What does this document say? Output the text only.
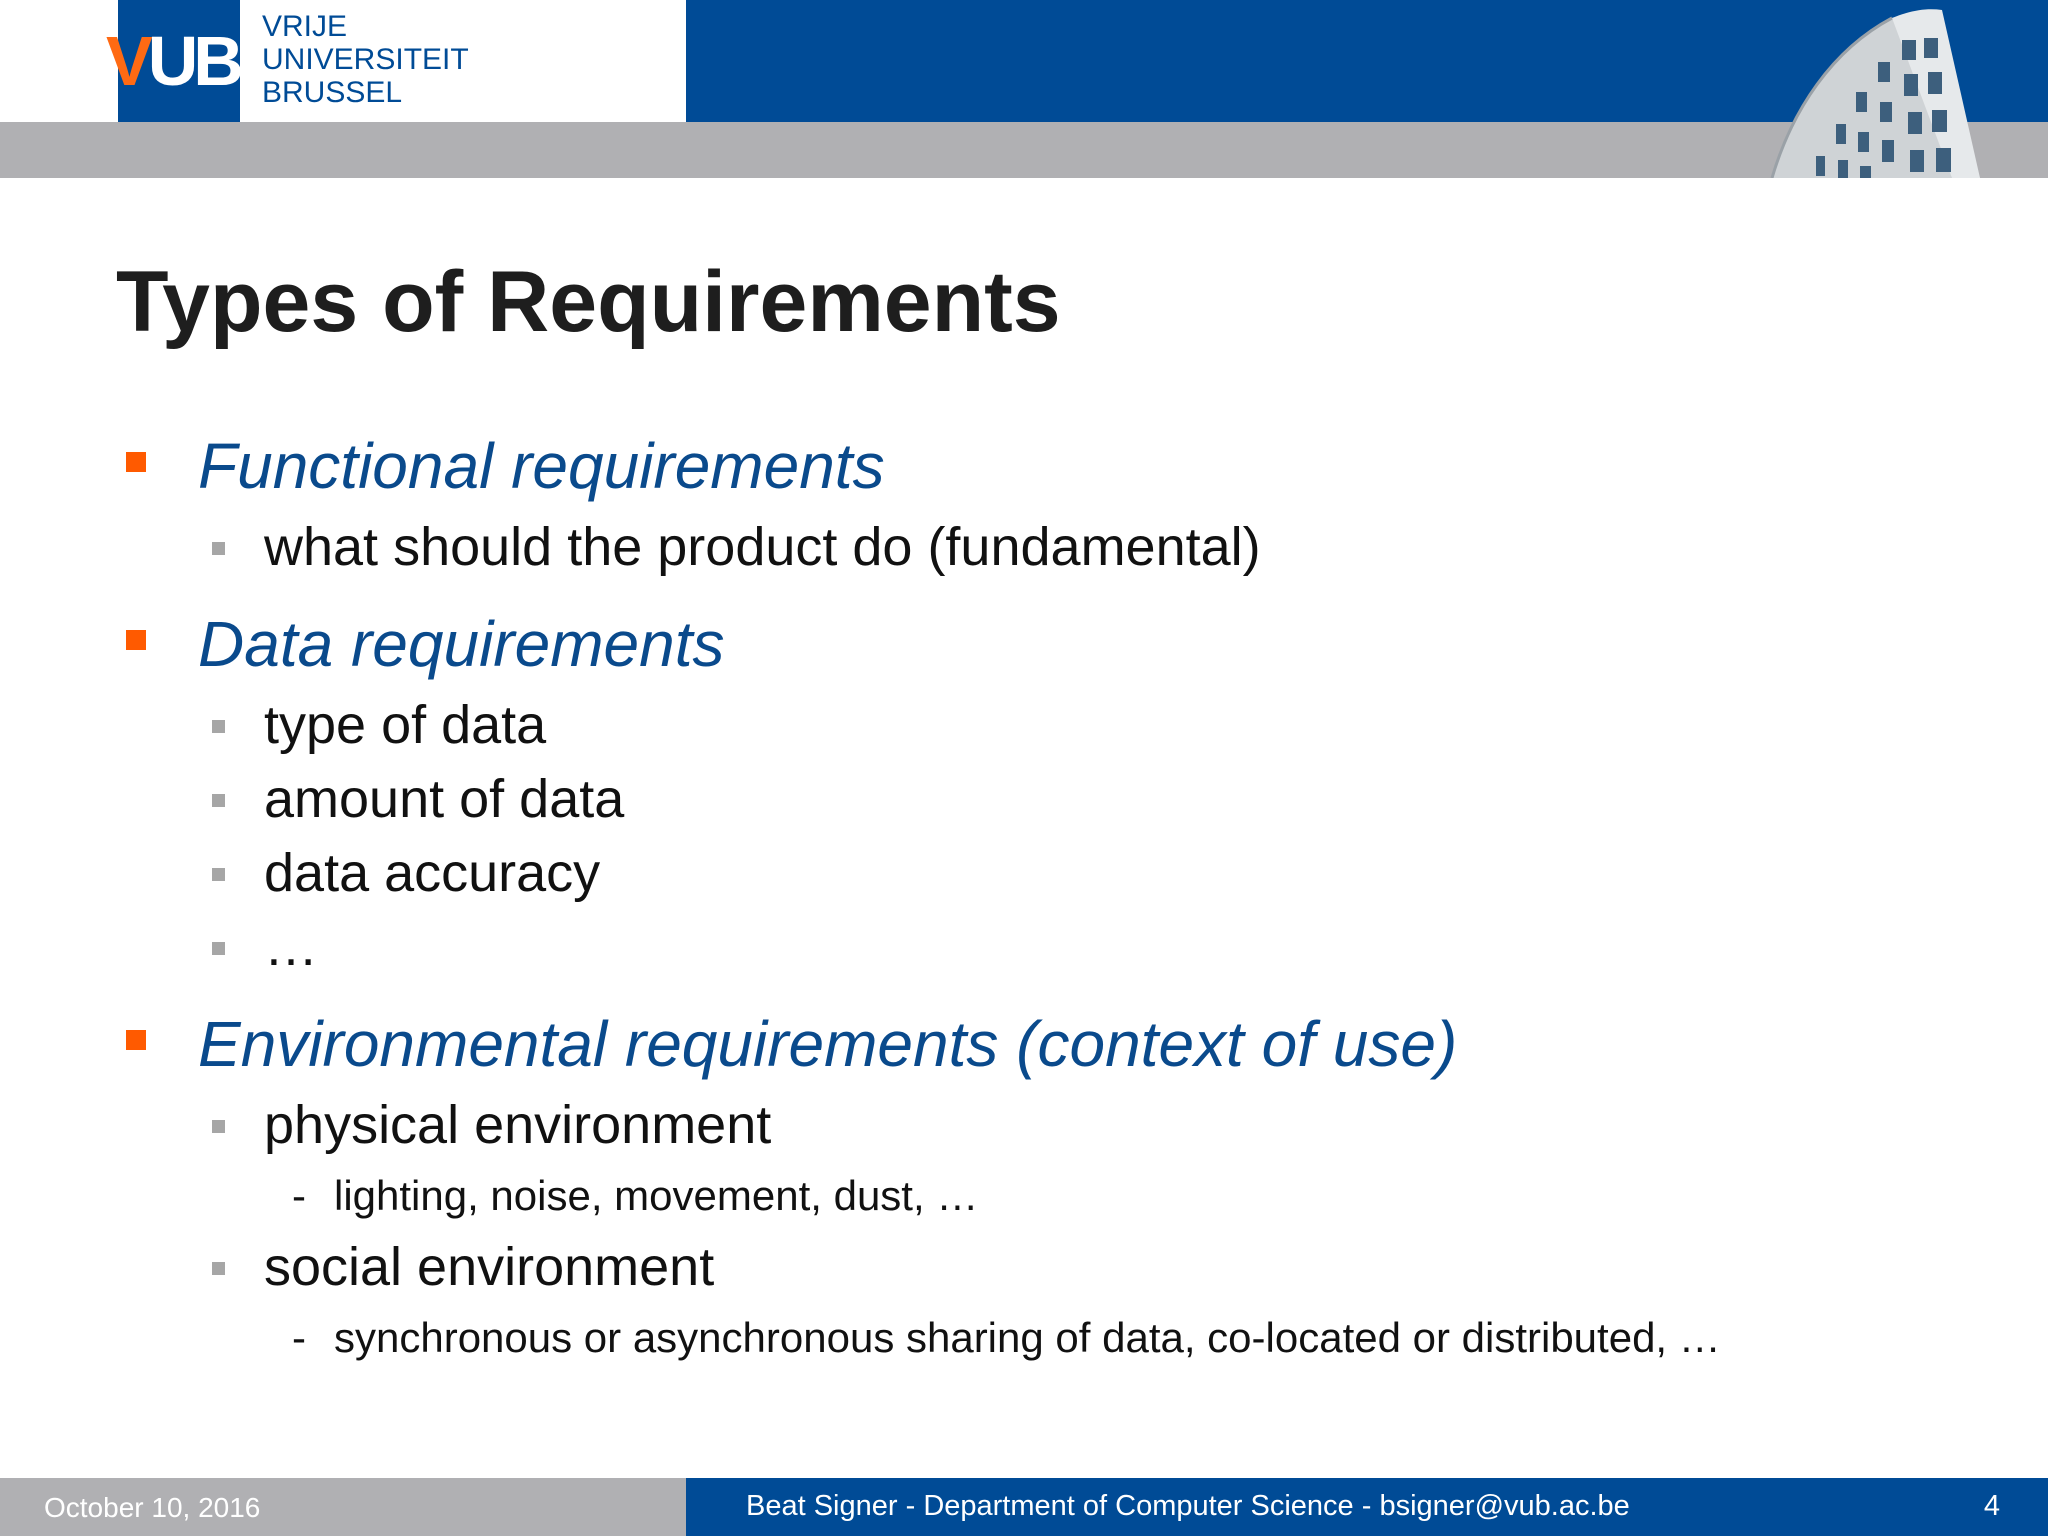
VUB VRIJE
UNIVERSITEIT
BRUSSEL
Types of Requirements
Functional requirements
what should the product do (fundamental)
Data requirements
type of data
amount of data
data accuracy
…
Environmental requirements (context of use)
physical environment
- lighting, noise, movement, dust, …
social environment
- synchronous or asynchronous sharing of data, co-located or distributed, …
October 10, 2016	Beat Signer - Department of Computer Science - bsigner@vub.ac.be	4
